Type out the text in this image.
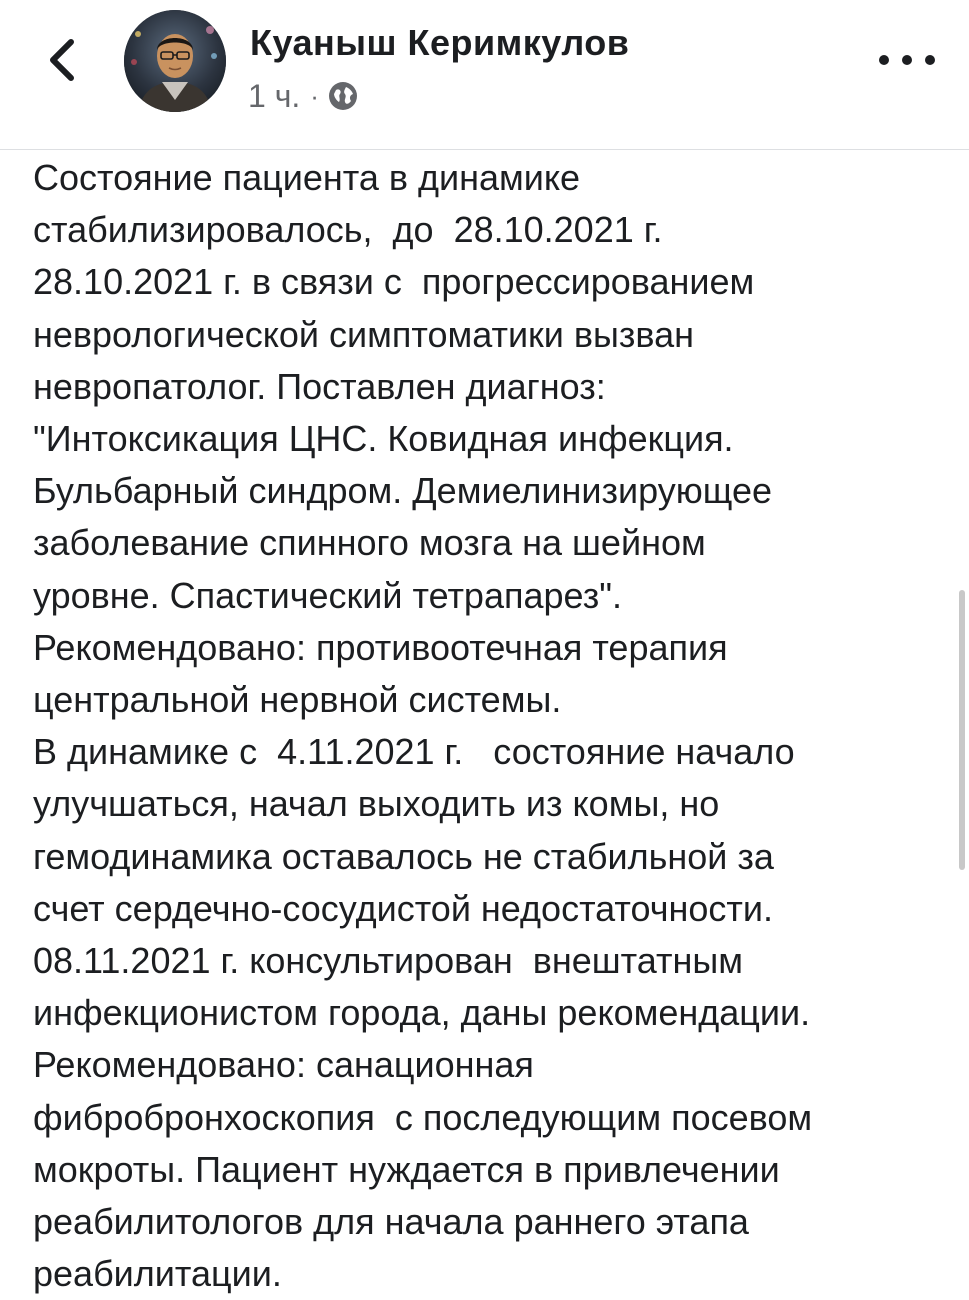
Куаныш Керимкулов
1 ч. ·
Состояние пациента в динамике
стабилизировалось,  до  28.10.2021 г.
28.10.2021 г. в связи с  прогрессированием
неврологической симптоматики вызван
невропатолог. Поставлен диагноз:
"Интоксикация ЦНС. Ковидная инфекция.
Бульбарный синдром. Демиелинизирующее
заболевание спинного мозга на шейном
уровне. Спастический тетрапарез".
Рекомендовано: противоотечная терапия
центральной нервной системы.
В динамике с  4.11.2021 г.   состояние начало
улучшаться, начал выходить из комы, но
гемодинамика оставалось не стабильной за
счет сердечно-сосудистой недостаточности.
08.11.2021 г. консультирован  внештатным
инфекционистом города, даны рекомендации.
Рекомендовано: санационная
фибробронхоскопия  с последующим посевом
мокроты. Пациент нуждается в привлечении
реабилитологов для начала раннего этапа
реабилитации.
